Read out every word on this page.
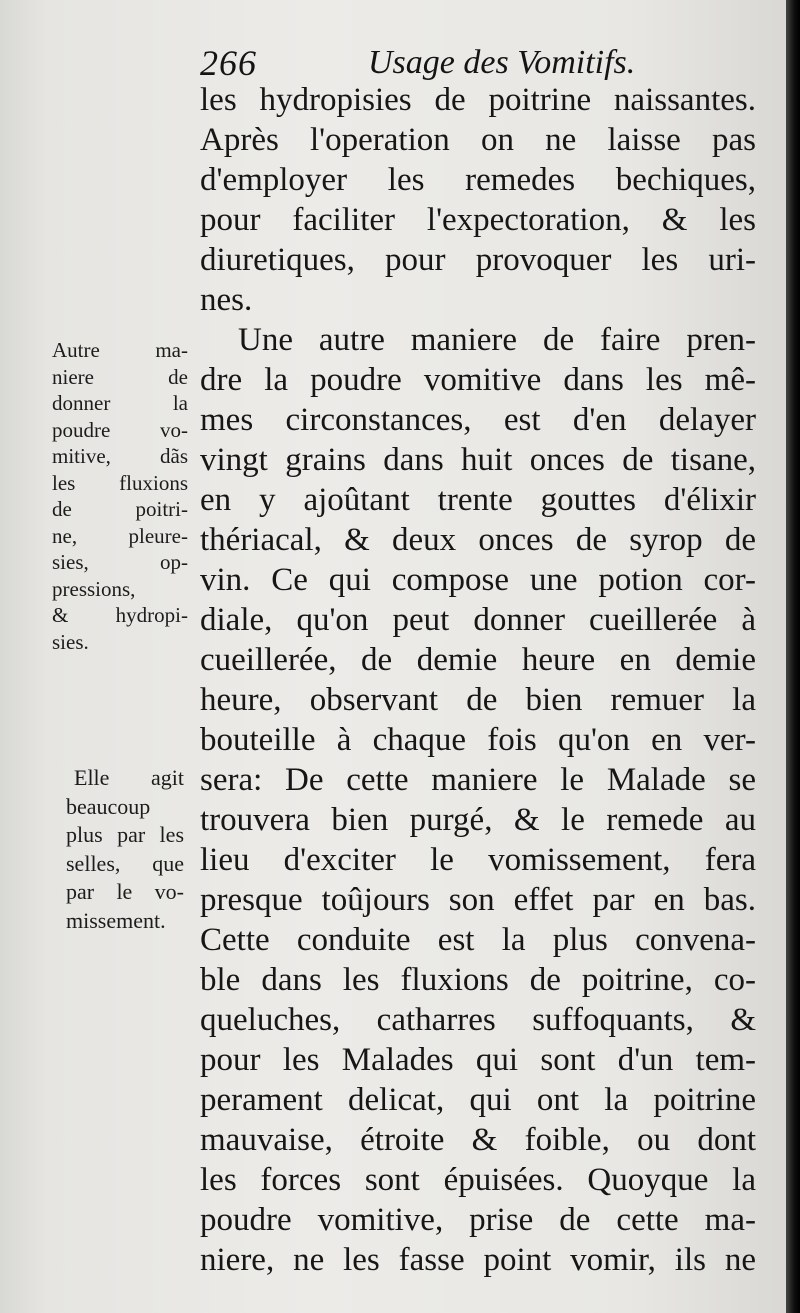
266	Usage des Vomitifs.
les hydropisies de poitrine naissantes.
Après l'operation on ne laisse pas
d'employer les remedes bechiques,
pour faciliter l'expectoration, & les
diuretiques, pour provoquer les uri-
nes.
Une autre maniere de faire pren-
dre la poudre vomitive dans les mê-
mes circonstances, est d'en delayer
vingt grains dans huit onces de tisane,
en y ajoûtant trente gouttes d'élixir
thériacal, & deux onces de syrop de
vin. Ce qui compose une potion cor-
diale, qu'on peut donner cueillerée à
cueillerée, de demie heure en demie
heure, observant de bien remuer la
bouteille à chaque fois qu'on en ver-
sera: De cette maniere le Malade se
trouvera bien purgé, & le remede au
lieu d'exciter le vomissement, fera
presque toûjours son effet par en bas.
Cette conduite est la plus convena-
ble dans les fluxions de poitrine, co-
queluches, catharres suffoquants, &
pour les Malades qui sont d'un tem-
perament delicat, qui ont la poitrine
mauvaise, étroite & foible, ou dont
les forces sont épuisées. Quoyque la
poudre vomitive, prise de cette ma-
niere, ne les fasse point vomir, ils ne
Autre ma-
niere de
donner la
poudre vo-
mitive, dãs
les fluxions
de poitri-
ne, pleure-
sies, op-
pressions,
& hydropi-
sies.
Elle agit
beaucoup
plus par les
selles, que
par le vo-
missement.
